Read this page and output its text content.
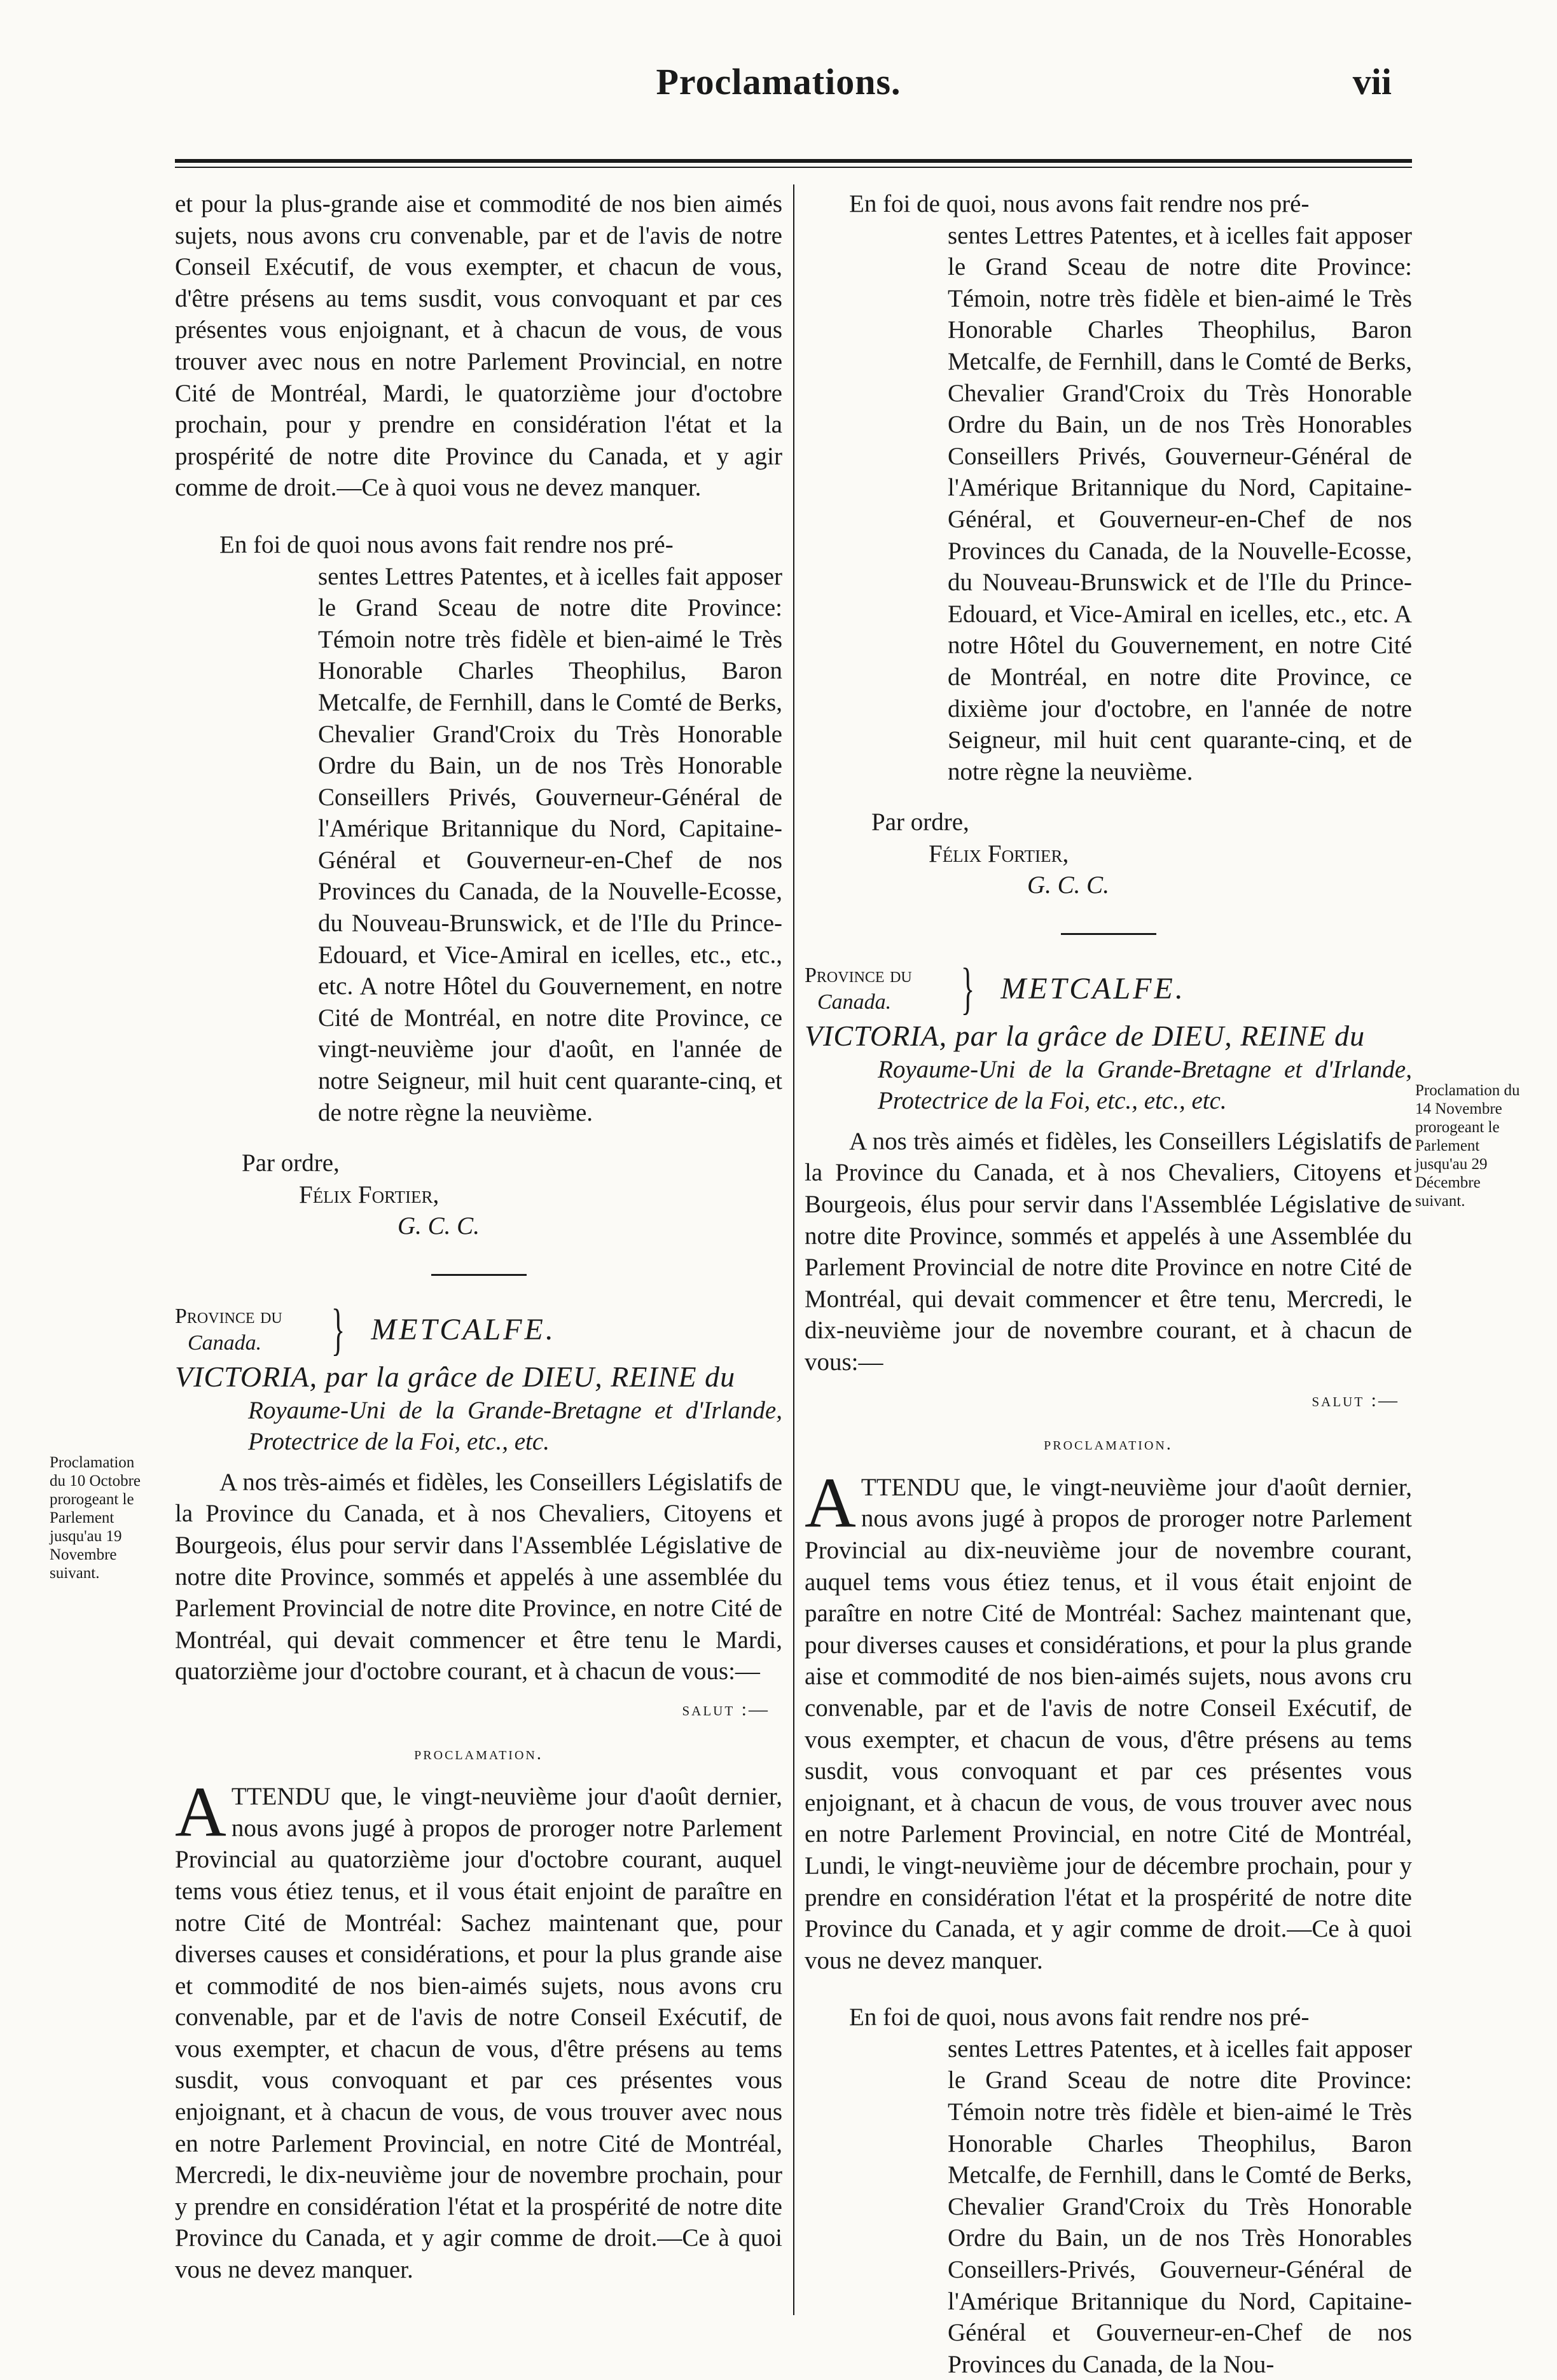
Proclamations.	vii

et pour la plus-grande aise et commodité de nos bien aimés sujets, nous avons cru convenable, par et de l'avis de notre Conseil Exécutif, de vous exempter, et chacun de vous, d'être présens au tems susdit, vous convoquant et par ces présentes vous enjoignant, et à chacun de vous, de vous trouver avec nous en notre Parlement Provincial, en notre Cité de Montréal, Mardi, le quatorzième jour d'octobre prochain, pour y prendre en considération l'état et la prospérité de notre dite Province du Canada, et y agir comme de droit.—Ce à quoi vous ne devez manquer.

En foi de quoi nous avons fait rendre nos pré-

sentes Lettres Patentes, et à icelles fait apposer le Grand Sceau de notre dite Province: Témoin notre très fidèle et bien-aimé le Très Honorable Charles Theophilus, Baron Metcalfe, de Fernhill, dans le Comté de Berks, Chevalier Grand'Croix du Très Honorable Ordre du Bain, un de nos Très Honorable Conseillers Privés, Gouverneur-Général de l'Amérique Britannique du Nord, Capitaine-Général et Gouverneur-en-Chef de nos Provinces du Canada, de la Nouvelle-Ecosse, du Nouveau-Brunswick, et de l'Ile du Prince-Edouard, et Vice-Amiral en icelles, etc., etc., etc. A notre Hôtel du Gouvernement, en notre Cité de Montréal, en notre dite Province, ce vingt-neuvième jour d'août, en l'année de notre Seigneur, mil huit cent quarante-cinq, et de notre règne la neuvième.

Par ordre,

Félix Fortier,

G. C. C.

Province du
Canada.	} METCALFE.

VICTORIA, par la grâce de DIEU, REINE du

Royaume-Uni de la Grande-Bretagne et d'Irlande, Protectrice de la Foi, etc., etc.

A nos très-aimés et fidèles, les Conseillers Législatifs de la Province du Canada, et à nos Chevaliers, Citoyens et Bourgeois, élus pour servir dans l'Assemblée Législative de notre dite Province, sommés et appelés à une assemblée du Parlement Provincial de notre dite Province, en notre Cité de Montréal, qui devait commencer et être tenu le Mardi, quatorzième jour d'octobre courant, et à chacun de vous:—

salut :—

proclamation.

ATTENDU que, le vingt-neuvième jour d'août dernier, nous avons jugé à propos de proroger notre Parlement Provincial au quatorzième jour d'octobre courant, auquel tems vous étiez tenus, et il vous était enjoint de paraître en notre Cité de Montréal: Sachez maintenant que, pour diverses causes et considérations, et pour la plus grande aise et commodité de nos bien-aimés sujets, nous avons cru convenable, par et de l'avis de notre Conseil Exécutif, de vous exempter, et chacun de vous, d'être présens au tems susdit, vous convoquant et par ces présentes vous enjoignant, et à chacun de vous, de vous trouver avec nous en notre Parlement Provincial, en notre Cité de Montréal, Mercredi, le dix-neuvième jour de novembre prochain, pour y prendre en considération l'état et la prospérité de notre dite Province du Canada, et y agir comme de droit.—Ce à quoi vous ne devez manquer.

Proclamation du 10 Octobre prorogeant le Parlement jusqu'au 19 Novembre suivant.

En foi de quoi, nous avons fait rendre nos pré-

sentes Lettres Patentes, et à icelles fait apposer le Grand Sceau de notre dite Province: Témoin, notre très fidèle et bien-aimé le Très Honorable Charles Theophilus, Baron Metcalfe, de Fernhill, dans le Comté de Berks, Chevalier Grand'Croix du Très Honorable Ordre du Bain, un de nos Très Honorables Conseillers Privés, Gouverneur-Général de l'Amérique Britannique du Nord, Capitaine-Général, et Gouverneur-en-Chef de nos Provinces du Canada, de la Nouvelle-Ecosse, du Nouveau-Brunswick et de l'Ile du Prince-Edouard, et Vice-Amiral en icelles, etc., etc. A notre Hôtel du Gouvernement, en notre Cité de Montréal, en notre dite Province, ce dixième jour d'octobre, en l'année de notre Seigneur, mil huit cent quarante-cinq, et de notre règne la neuvième.

Par ordre,

Félix Fortier,

G. C. C.

Province du
Canada.	} METCALFE.

VICTORIA, par la grâce de DIEU, REINE du

Royaume-Uni de la Grande-Bretagne et d'Irlande, Protectrice de la Foi, etc., etc., etc.

A nos très aimés et fidèles, les Conseillers Législatifs de la Province du Canada, et à nos Chevaliers, Citoyens et Bourgeois, élus pour servir dans l'Assemblée Législative de notre dite Province, sommés et appelés à une Assemblée du Parlement Provincial de notre dite Province en notre Cité de Montréal, qui devait commencer et être tenu, Mercredi, le dix-neuvième jour de novembre courant, et à chacun de vous:—

salut :—

proclamation.

ATTENDU que, le vingt-neuvième jour d'août dernier, nous avons jugé à propos de proroger notre Parlement Provincial au dix-neuvième jour de novembre courant, auquel tems vous étiez tenus, et il vous était enjoint de paraître en notre Cité de Montréal: Sachez maintenant que, pour diverses causes et considérations, et pour la plus grande aise et commodité de nos bien-aimés sujets, nous avons cru convenable, par et de l'avis de notre Conseil Exécutif, de vous exempter, et chacun de vous, d'être présens au tems susdit, vous convoquant et par ces présentes vous enjoignant, et à chacun de vous, de vous trouver avec nous en notre Parlement Provincial, en notre Cité de Montréal, Lundi, le vingt-neuvième jour de décembre prochain, pour y prendre en considération l'état et la prospérité de notre dite Province du Canada, et y agir comme de droit.—Ce à quoi vous ne devez manquer.

En foi de quoi, nous avons fait rendre nos pré-

sentes Lettres Patentes, et à icelles fait apposer le Grand Sceau de notre dite Province: Témoin notre très fidèle et bien-aimé le Très Honorable Charles Theophilus, Baron Metcalfe, de Fernhill, dans le Comté de Berks, Chevalier Grand'Croix du Très Honorable Ordre du Bain, un de nos Très Honorables Conseillers-Privés, Gouverneur-Général de l'Amérique Britannique du Nord, Capitaine-Général et Gouverneur-en-Chef de nos Provinces du Canada, de la Nou-

Proclamation du 14 Novembre prorogeant le Parlement jusqu'au 29 Décembre suivant.
